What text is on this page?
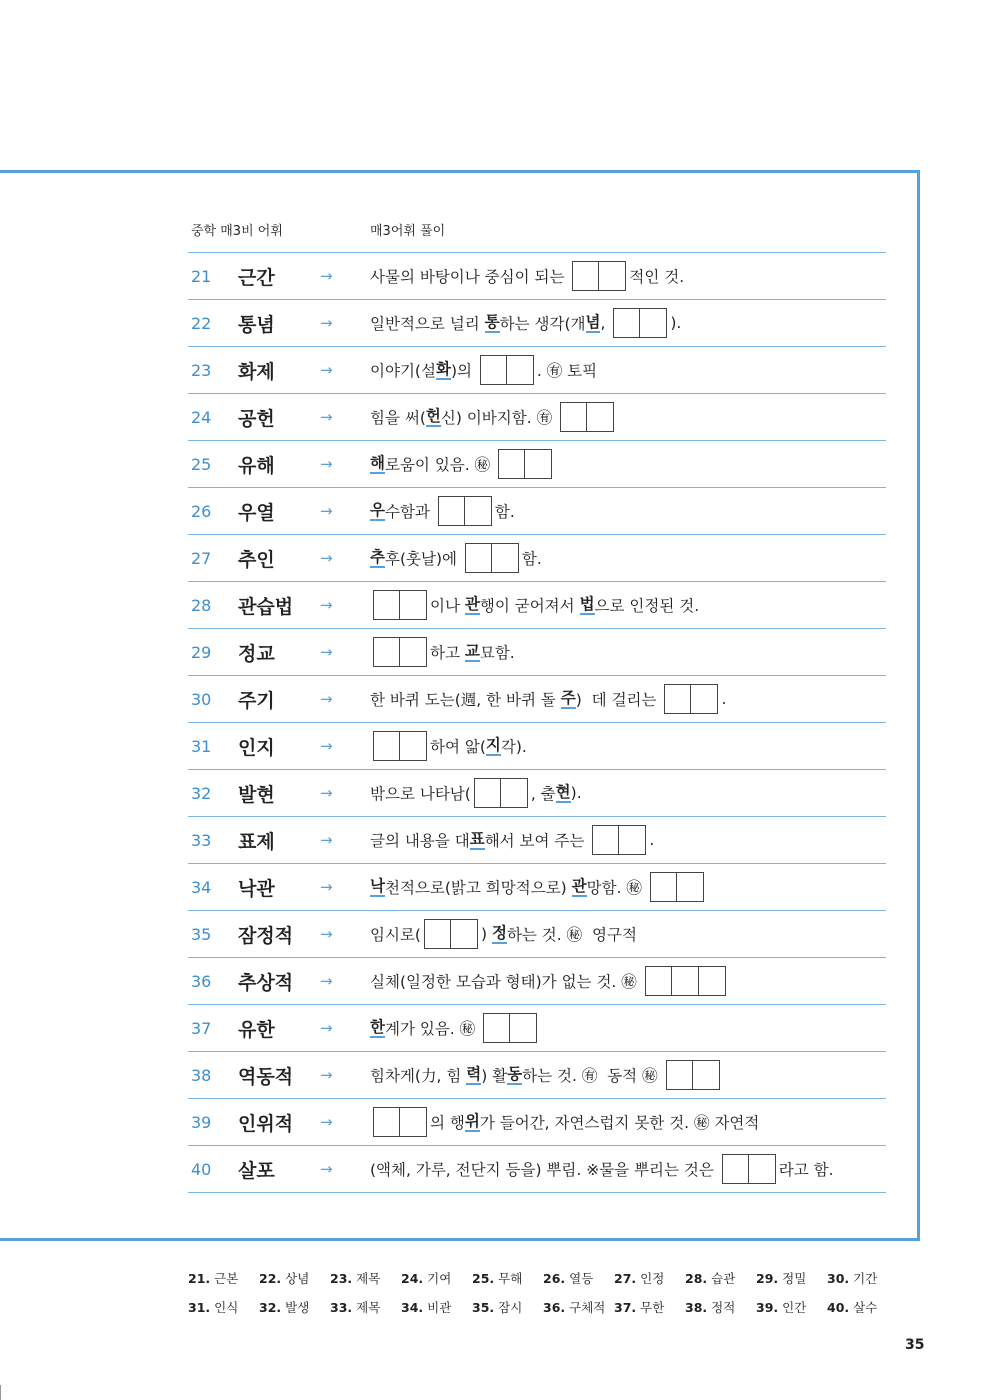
중학 매3비 어휘	매3어휘 풀이
21 근간	→ 사물의 바탕이나 중심이 되는	적인 것.
22 통념	→ 일반적으로 널리 통 하는 생각(개 념 ,	).
23 화제	→ 이야기(설 화 )의	. ㊒ 토픽
24 공헌	→ 힘을 써( 헌 신) 이바지함. ㊒
25 유해	→ 해 로움이 있음. ㊙
26 우열	→ 우 수함과	함.
27 추인	→ 추 후(훗날)에	함.
28 관습법 →	이나 관 행이 굳어져서 법 으로 인정된 것.
29 정교	→	하고 교 묘함.
30 주기	→ 한 바퀴 도는(週, 한 바퀴 돌 주 )  데 걸리는	.
31 인지	→	하여 앎( 지 각).
32 발현	→ 밖으로 나타남(	, 출 현 ).
33 표제	→ 글의 내용을 대 표 해서 보여 주는	.
34 낙관	→ 낙 천적으로(밝고 희망적으로) 관 망함. ㊙
35 잠정적 → 임시로(	) 정 하는 것. ㊙  영구적
36 추상적 → 실체(일정한 모습과 형태)가 없는 것. ㊙
37 유한	→ 한 계가 있음. ㊙
38 역동적 → 힘차게(力, 힘 력 ) 활 동 하는 것. ㊒  동적 ㊙
39 인위적 →	의 행 위 가 들어간, 자연스럽지 못한 것. ㊙ 자연적
40 살포	→ (액체, 가루, 전단지 등을) 뿌림. ※물을 뿌리는 것은	라고 함.
21. 근본	22. 상념	23. 제목	24. 기여	25. 무해	26. 열등	27. 인정	28. 습관	29. 정밀	30. 기간
31. 인식	32. 발생	33. 제목	34. 비관	35. 잠시	36. 구체적 37. 무한	38. 정적	39. 인간	40. 살수
35
